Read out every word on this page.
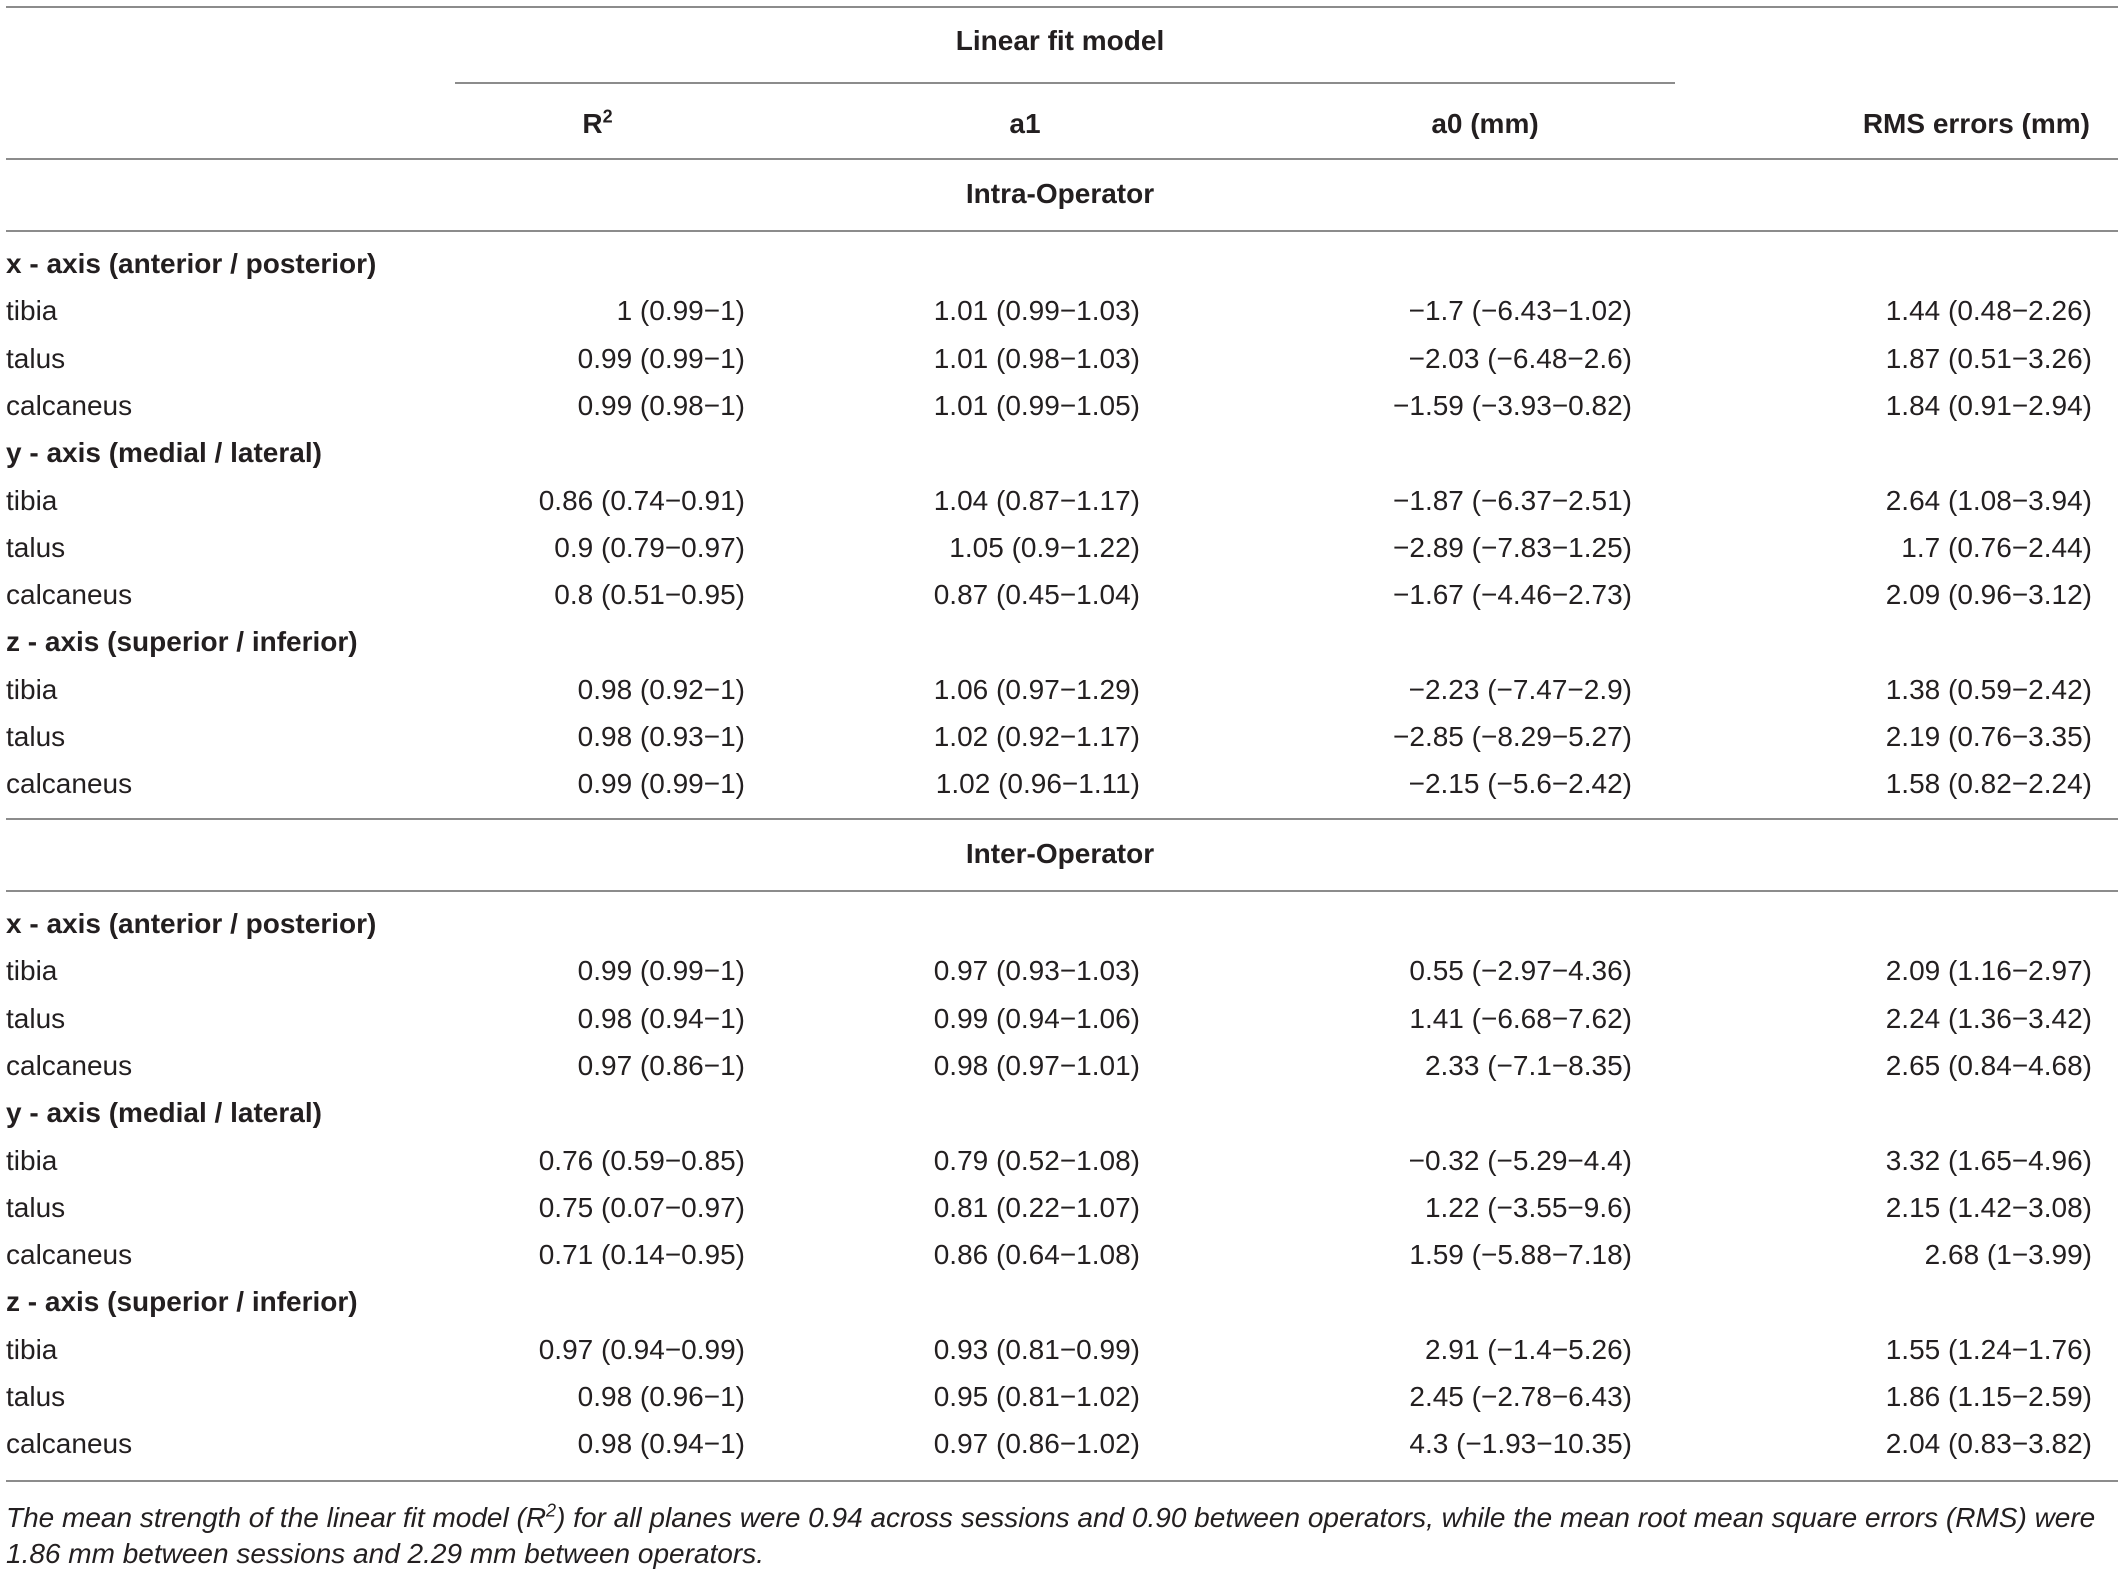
Linear fit model
$R^2$	a1	a0 (mm)	RMS errors (mm)
Intra-Operator
x - axis (anterior / posterior)
tibia	1 (0.99−1)	1.01 (0.99−1.03)	−1.7 (−6.43−1.02)	1.44 (0.48−2.26)
talus	0.99 (0.99−1)	1.01 (0.98−1.03)	−2.03 (−6.48−2.6)	1.87 (0.51−3.26)
calcaneus	0.99 (0.98−1)	1.01 (0.99−1.05)	−1.59 (−3.93−0.82)	1.84 (0.91−2.94)
y - axis (medial / lateral)
tibia	0.86 (0.74−0.91)	1.04 (0.87−1.17)	−1.87 (−6.37−2.51)	2.64 (1.08−3.94)
talus	0.9 (0.79−0.97)	1.05 (0.9−1.22)	−2.89 (−7.83−1.25)	1.7 (0.76−2.44)
calcaneus	0.8 (0.51−0.95)	0.87 (0.45−1.04)	−1.67 (−4.46−2.73)	2.09 (0.96−3.12)
z - axis (superior / inferior)
tibia	0.98 (0.92−1)	1.06 (0.97−1.29)	−2.23 (−7.47−2.9)	1.38 (0.59−2.42)
talus	0.98 (0.93−1)	1.02 (0.92−1.17)	−2.85 (−8.29−5.27)	2.19 (0.76−3.35)
calcaneus	0.99 (0.99−1)	1.02 (0.96−1.11)	−2.15 (−5.6−2.42)	1.58 (0.82−2.24)
Inter-Operator
x - axis (anterior / posterior)
tibia	0.99 (0.99−1)	0.97 (0.93−1.03)	0.55 (−2.97−4.36)	2.09 (1.16−2.97)
talus	0.98 (0.94−1)	0.99 (0.94−1.06)	1.41 (−6.68−7.62)	2.24 (1.36−3.42)
calcaneus	0.97 (0.86−1)	0.98 (0.97−1.01)	2.33 (−7.1−8.35)	2.65 (0.84−4.68)
y - axis (medial / lateral)
tibia	0.76 (0.59−0.85)	0.79 (0.52−1.08)	−0.32 (−5.29−4.4)	3.32 (1.65−4.96)
talus	0.75 (0.07−0.97)	0.81 (0.22−1.07)	1.22 (−3.55−9.6)	2.15 (1.42−3.08)
calcaneus	0.71 (0.14−0.95)	0.86 (0.64−1.08)	1.59 (−5.88−7.18)	2.68 (1−3.99)
z - axis (superior / inferior)
tibia	0.97 (0.94−0.99)	0.93 (0.81−0.99)	2.91 (−1.4−5.26)	1.55 (1.24−1.76)
talus	0.98 (0.96−1)	0.95 (0.81−1.02)	2.45 (−2.78−6.43)	1.86 (1.15−2.59)
calcaneus	0.98 (0.94−1)	0.97 (0.86−1.02)	4.3 (−1.93−10.35)	2.04 (0.83−3.82)
The mean strength of the linear fit model $(R^2)$ for all planes were 0.94 across sessions and 0.90 between operators, while the mean root mean square errors (RMS) were 1.86 mm between sessions and 2.29 mm between operators.
